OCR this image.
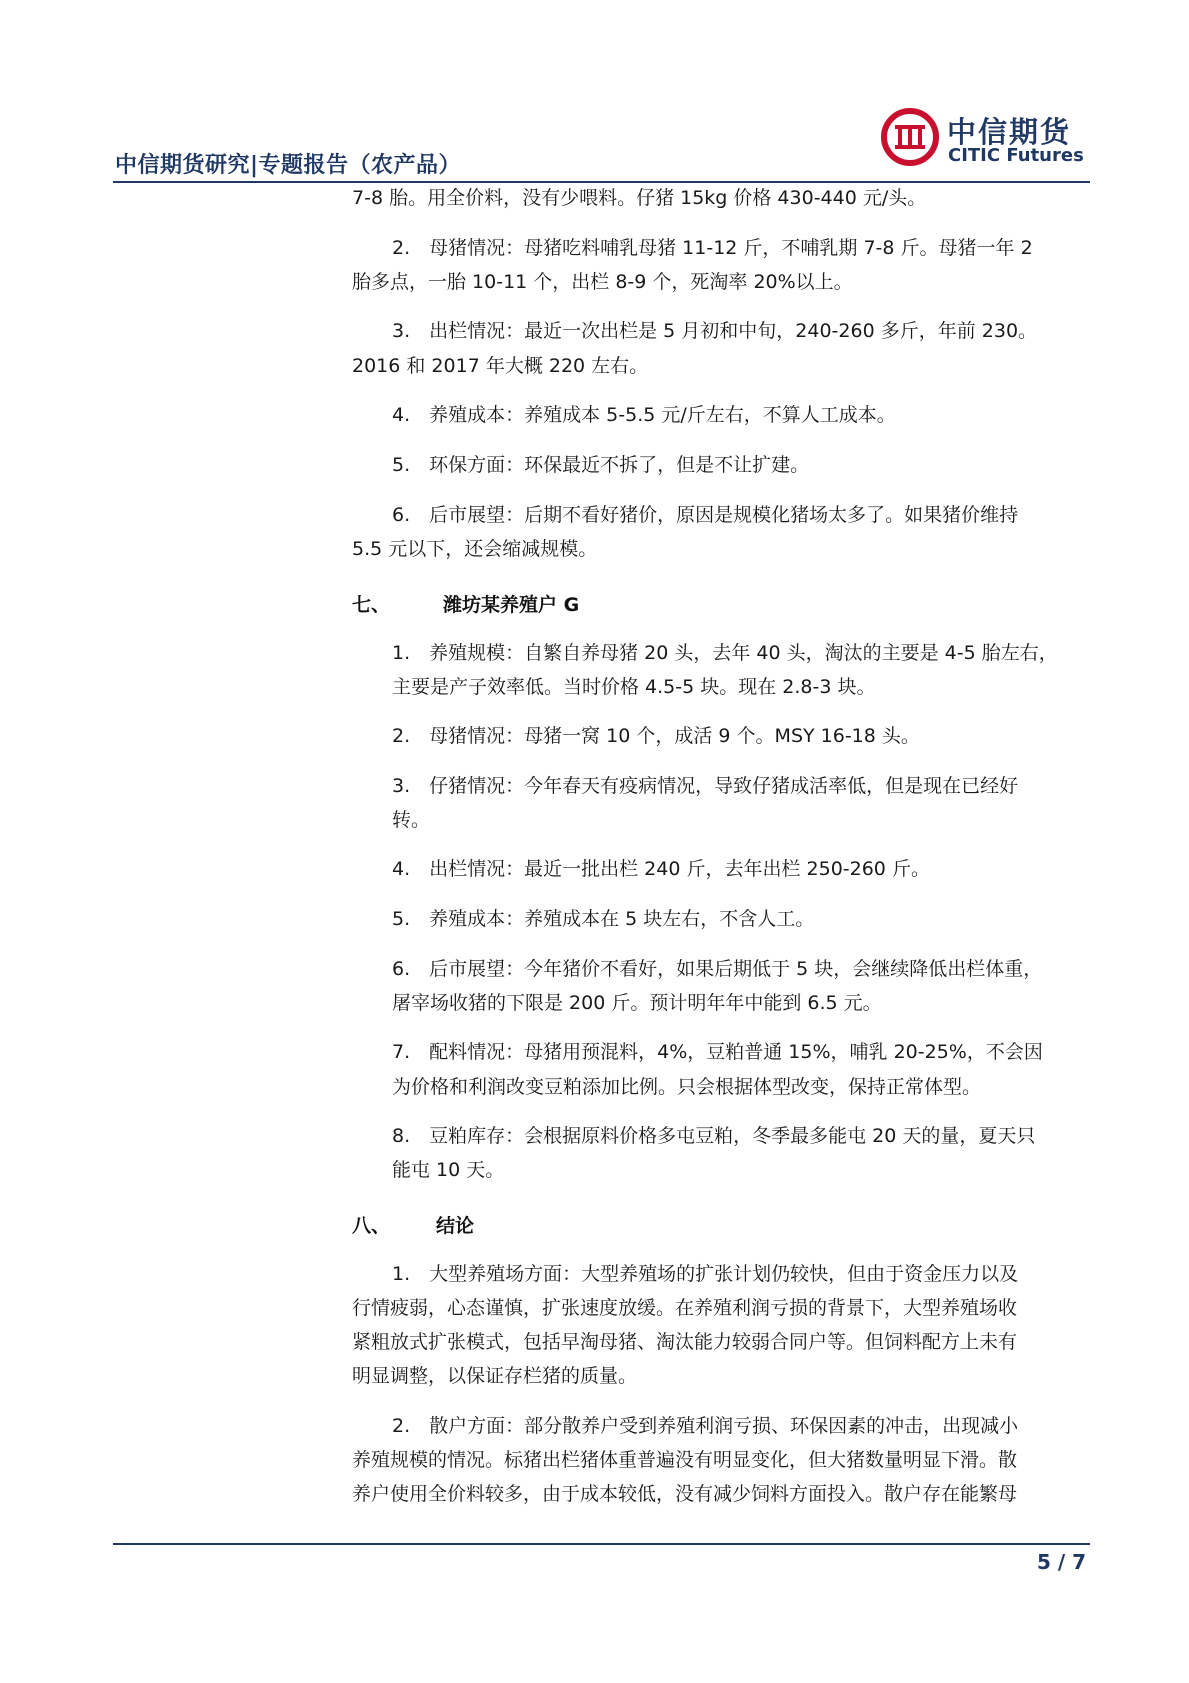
中信期货研究|专题报告（农产品）
中信期货
CITIC Futures
7-8 胎。用全价料，没有少喂料。仔猪 15kg 价格 430-440 元/头。
2.　母猪情况：母猪吃料哺乳母猪 11-12 斤，不哺乳期 7-8 斤。母猪一年 2
胎多点，一胎 10-11 个，出栏 8-9 个，死淘率 20%以上。
3.　出栏情况：最近一次出栏是 5 月初和中旬，240-260 多斤，年前 230。
2016 和 2017 年大概 220 左右。
4.　养殖成本：养殖成本 5-5.5 元/斤左右，不算人工成本。
5.　环保方面：环保最近不拆了，但是不让扩建。
6.　后市展望：后期不看好猪价，原因是规模化猪场太多了。如果猪价维持
5.5 元以下，还会缩减规模。
七、	潍坊某养殖户 G
1.　养殖规模：自繁自养母猪 20 头，去年 40 头，淘汰的主要是 4-5 胎左右，
主要是产子效率低。当时价格 4.5-5 块。现在 2.8-3 块。
2.　母猪情况：母猪一窝 10 个，成活 9 个。MSY 16-18 头。
3.　仔猪情况：今年春天有疫病情况，导致仔猪成活率低，但是现在已经好
转。
4.　出栏情况：最近一批出栏 240 斤，去年出栏 250-260 斤。
5.　养殖成本：养殖成本在 5 块左右，不含人工。
6.　后市展望：今年猪价不看好，如果后期低于 5 块，会继续降低出栏体重，
屠宰场收猪的下限是 200 斤。预计明年年中能到 6.5 元。
7.　配料情况：母猪用预混料，4%，豆粕普通 15%，哺乳 20-25%，不会因
为价格和利润改变豆粕添加比例。只会根据体型改变，保持正常体型。
8.　豆粕库存：会根据原料价格多屯豆粕，冬季最多能屯 20 天的量，夏天只
能屯 10 天。
八、 结论
1.　大型养殖场方面：大型养殖场的扩张计划仍较快，但由于资金压力以及
行情疲弱，心态谨慎，扩张速度放缓。在养殖利润亏损的背景下，大型养殖场收
紧粗放式扩张模式，包括早淘母猪、淘汰能力较弱合同户等。但饲料配方上未有
明显调整，以保证存栏猪的质量。
2.　散户方面：部分散养户受到养殖利润亏损、环保因素的冲击，出现减小
养殖规模的情况。标猪出栏猪体重普遍没有明显变化，但大猪数量明显下滑。散
养户使用全价料较多，由于成本较低，没有减少饲料方面投入。散户存在能繁母
5 / 7
